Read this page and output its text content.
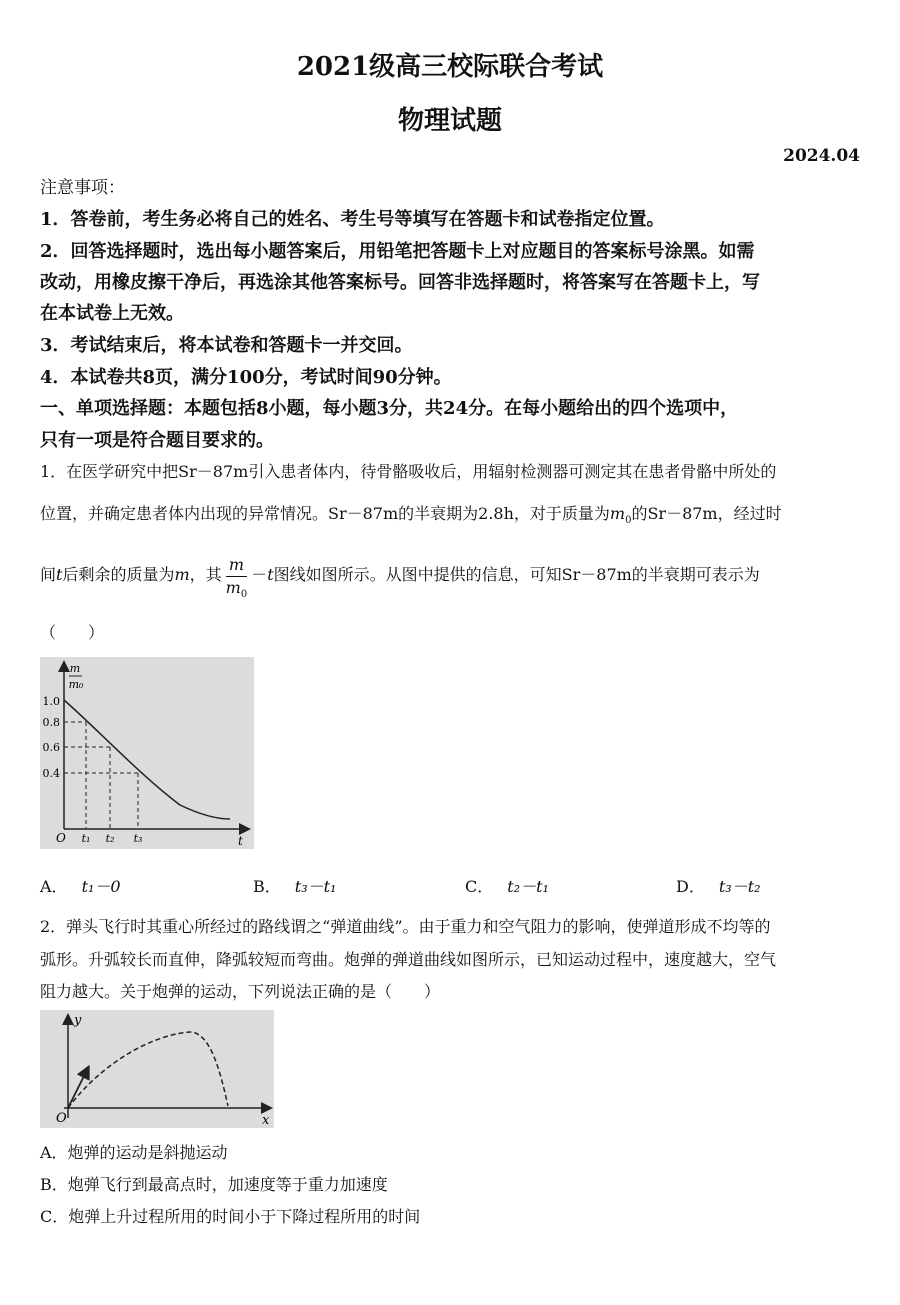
2021级高三校际联合考试
物理试题
2024.04
注意事项：
1．答卷前，考生务必将自己的姓名、考生号等填写在答题卡和试卷指定位置。
2．回答选择题时，选出每小题答案后，用铅笔把答题卡上对应题目的答案标号涂黑。如需
改动，用橡皮擦干净后，再选涂其他答案标号。回答非选择题时，将答案写在答题卡上，写
在本试卷上无效。
3．考试结束后，将本试卷和答题卡一并交回。
4．本试卷共8页，满分100分，考试时间90分钟。
一、单项选择题：本题包括8小题，每小题3分，共24分。在每小题给出的四个选项中，
只有一项是符合题目要求的。
1．在医学研究中把Sr－87m引入患者体内，待骨骼吸收后，用辐射检测器可测定其在患者骨骼中所处的
位置，并确定患者体内出现的异常情况。Sr－87m的半衰期为2.8h，对于质量为$m_0$的Sr－87m，经过时
间t后剩余的质量为m，其 $\frac{m}{m_0} -t$图线如图所示。从图中提供的信息，可知Sr－87m的半衰期可表示为
（　　）
m
m₀
1.0
0.8
0.6
0.4
O t₁ t₂ t₃	t
A． t₁－0	B． t₃－t₁	C． t₂－t₁	D． t₃－t₂
2．弹头飞行时其重心所经过的路线谓之“弹道曲线”。由于重力和空气阻力的影响，使弹道形成不均等的
弧形。升弧较长而直伸，降弧较短而弯曲。炮弹的弹道曲线如图所示，已知运动过程中，速度越大，空气
阻力越大。关于炮弹的运动，下列说法正确的是（　　）
y
x
O
A．炮弹的运动是斜抛运动
B．炮弹飞行到最高点时，加速度等于重力加速度
C．炮弹上升过程所用的时间小于下降过程所用的时间
